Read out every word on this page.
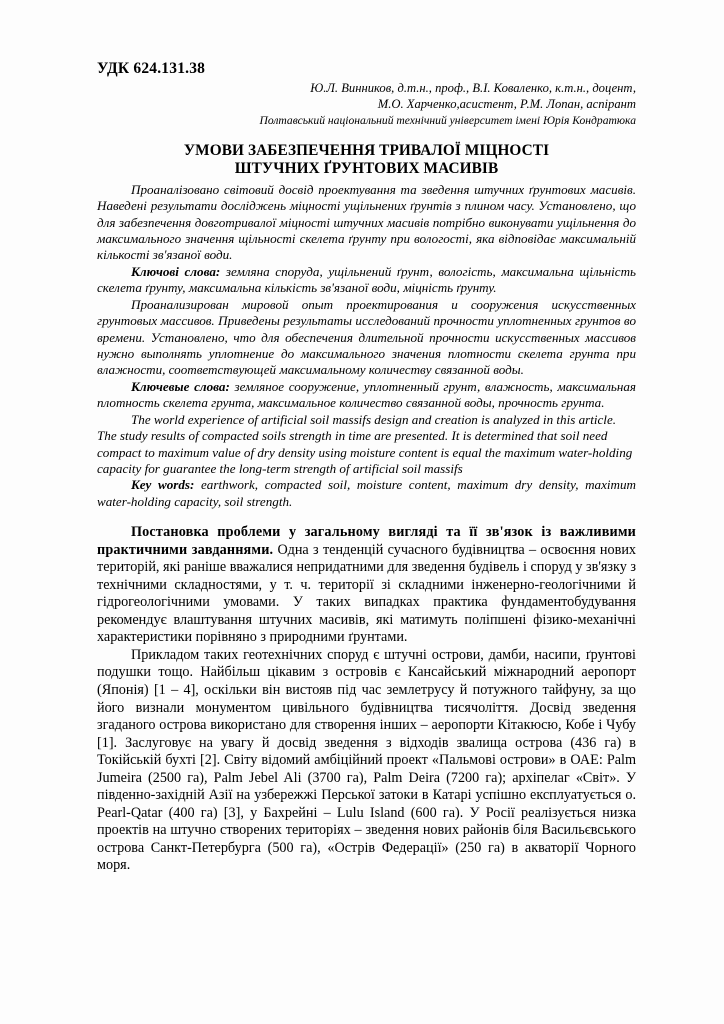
УДК 624.131.38
Ю.Л. Винников, д.т.н., проф., В.І. Коваленко, к.т.н., доцент,
М.О. Харченко,асистент, Р.М. Лопан, аспірант
Полтавський національний технічний університет імені Юрія Кондратюка
УМОВИ ЗАБЕЗПЕЧЕННЯ ТРИВАЛОЇ МІЦНОСТІ
ШТУЧНИХ ҐРУНТОВИХ МАСИВІВ

Проаналізовано світовий досвід проектування та зведення штучних ґрунтових масивів. Наведені результати досліджень міцності ущільнених ґрунтів з плином часу. Установлено, що для забезпечення довготривалої міцності штучних масивів потрібно виконувати ущільнення до максимального значення щільності скелета ґрунту при вологості, яка відповідає максимальній кількості зв'язаної води.

Ключові слова: земляна споруда, ущільнений ґрунт, вологість, максимальна щільність скелета ґрунту, максимальна кількість зв'язаної води, міцність ґрунту.

Проанализирован мировой опыт проектирования и сооружения искусственных грунтовых массивов. Приведены результаты исследований прочности уплотненных грунтов во времени. Установлено, что для обеспечения длительной прочности искусственных массивов нужно выполнять уплотнение до максимального значения плотности скелета грунта при влажности, соответствующей максимальному количеству связанной воды.

Ключевые слова: земляное сооружение, уплотненный грунт, влажность, максимальная плотность скелета грунта, максимальное количество связанной воды, прочность грунта.

The world experience of artificial soil massifs design and creation is analyzed in this article. The study results of compacted soils strength in time are presented. It is determined that soil need compact to maximum value of dry density using moisture content is equal the maximum water-holding capacity for guarantee the long-term strength of artificial soil massifs

Key words: earthwork, compacted soil, moisture content, maximum dry density, maximum water-holding capacity, soil strength.

Постановка проблеми у загальному вигляді та її зв'язок із важливими практичними завданнями. Одна з тенденцій сучасного будівництва – освоєння нових територій, які раніше вважалися непридатними для зведення будівель і споруд у зв'язку з технічними складностями, у т. ч. території зі складними інженерно-геологічними й гідрогеологічними умовами. У таких випадках практика фундаментобудування рекомендує влаштування штучних масивів, які матимуть поліпшені фізико-механічні характеристики порівняно з природними ґрунтами.

Прикладом таких геотехнічних споруд є штучні острови, дамби, насипи, ґрунтові подушки тощо. Найбільш цікавим з островів є Кансайський міжнародний аеропорт (Японія) [1 – 4], оскільки він вистояв під час землетрусу й потужного тайфуну, за що його визнали монументом цивільного будівництва тисячоліття. Досвід зведення згаданого острова використано для створення інших – аеропорти Кітакюсю, Кобе і Чубу [1]. Заслуговує на увагу й досвід зведення з відходів звалища острова (436 га) в Токійській бухті [2]. Світу відомий амбіційний проект «Пальмові острови» в ОАЕ: Palm Jumeira (2500 га), Palm Jebel Ali (3700 га), Palm Deira (7200 га); архіпелаг «Світ». У південно-західній Азії на узбережжі Перської затоки в Катарі успішно експлуатується о. Pearl-Qatar (400 га) [3], у Бахрейні – Lulu Island (600 га). У Росії реалізується низка проектів на штучно створених територіях – зведення нових районів біля Васильєвського острова Санкт-Петербурга (500 га), «Острів Федерації» (250 га) в акваторії Чорного моря.
